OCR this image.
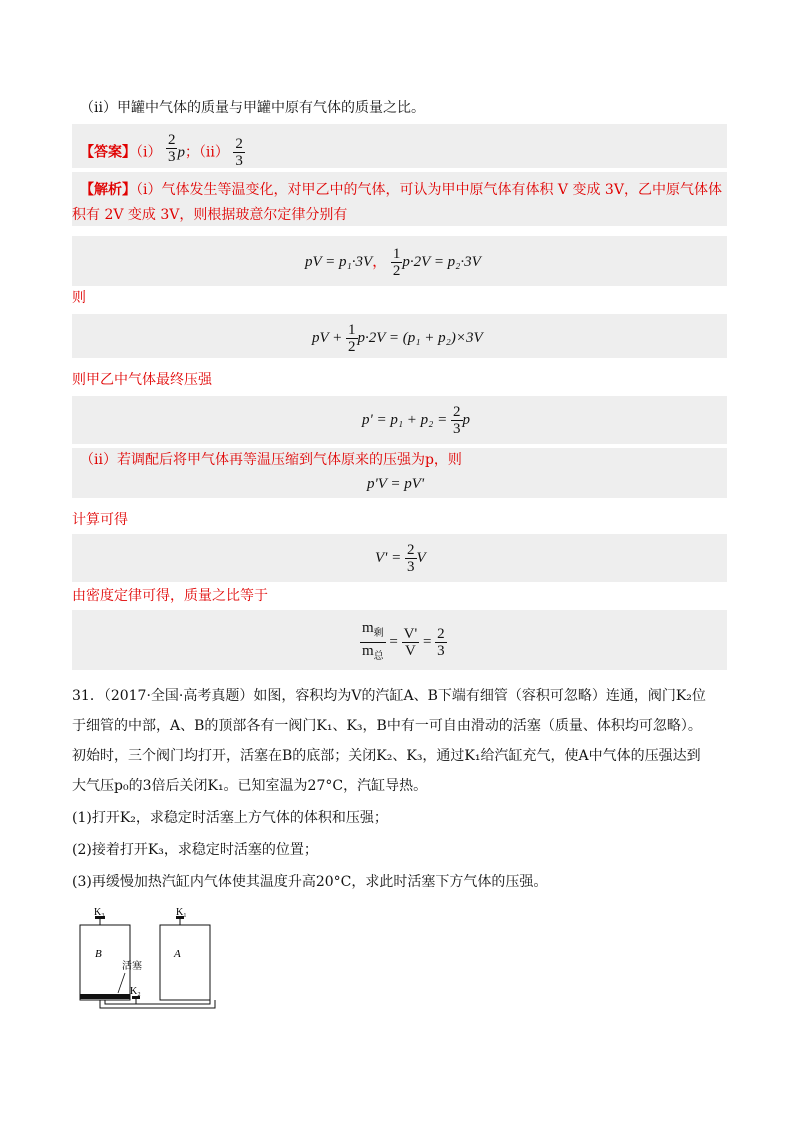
（ii）甲罐中气体的质量与甲罐中原有气体的质量之比。
【答案】$(i) \frac{2}{3}$ p；$(ii) \frac{2}{3}$
【解析】（i）气体发生等温变化，对甲乙中的气体，可认为甲中原气体有体积 V 变成 3V，乙中原气体体
积有 2V 变成 3V，则根据玻意尔定律分别有
pV = p₁·3V， $\frac{1}{2} p\cdot 2V = p_2\cdot 3V$
则
pV + $\frac{1}{2} p\cdot 2V = (p_1 + p_2)\times 3V$
则甲乙中气体最终压强
$p' = p_1 + p_2 = \frac{2}{3}$ p
（ii）若调配后将甲气体再等温压缩到气体原来的压强为p，则
p'V = pV'
计算可得
$V' = \frac{2}{3}$ V
由密度定律可得，质量之比等于
$\frac{m_剩}{m_总} = \frac{V'}{V} = \frac{2}{3}$
31．（2017·全国·高考真题）如图，容积均为V的汽缸A、B下端有细管（容积可忽略）连通，阀门K₂位
于细管的中部，A、B的顶部各有一阀门K₁、K₃，B中有一可自由滑动的活塞（质量、体积均可忽略）。
初始时，三个阀门均打开，活塞在B的底部；关闭K₂、K₃，通过K₁给汽缸充气，使A中气体的压强达到
大气压p₀的3倍后关闭K₁。已知室温为27°C，汽缸导热。
(1)打开K₂，求稳定时活塞上方气体的体积和压强；
(2)接着打开K₃，求稳定时活塞的位置；
(3)再缓慢加热汽缸内气体使其温度升高20°C，求此时活塞下方气体的压强。
K₃	K₁
K₂
B	A
活塞
